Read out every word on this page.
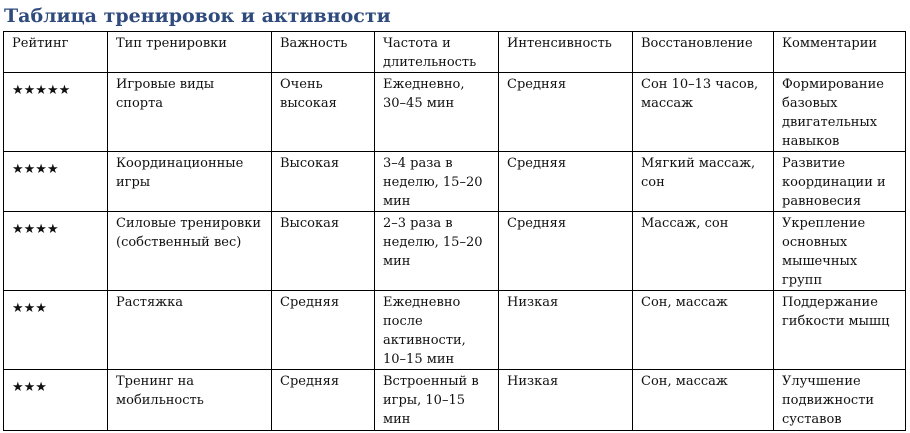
Таблица тренировок и активности
Рейтинг	Тип тренировки	Важность	Частота и длительность	Интенсивность	Восстановление	Комментарии
★★★★★	Игровые виды спорта	Очень высокая	Ежедневно, 30–45 мин	Средняя	Сон 10–13 часов, массаж	Формирование базовых двигательных навыков
★★★★	Координационные игры	Высокая	3–4 раза в неделю, 15–20 мин	Средняя	Мягкий массаж, сон	Развитие координации и равновесия
★★★★	Силовые тренировки (собственный вес)	Высокая	2–3 раза в неделю, 15–20 мин	Средняя	Массаж, сон	Укрепление основных мышечных групп
★★★	Растяжка	Средняя	Ежедневно после активности, 10–15 мин	Низкая	Сон, массаж	Поддержание гибкости мышц
★★★	Тренинг на мобильность	Средняя	Встроенный в игры, 10–15 мин	Низкая	Сон, массаж	Улучшение подвижности суставов
